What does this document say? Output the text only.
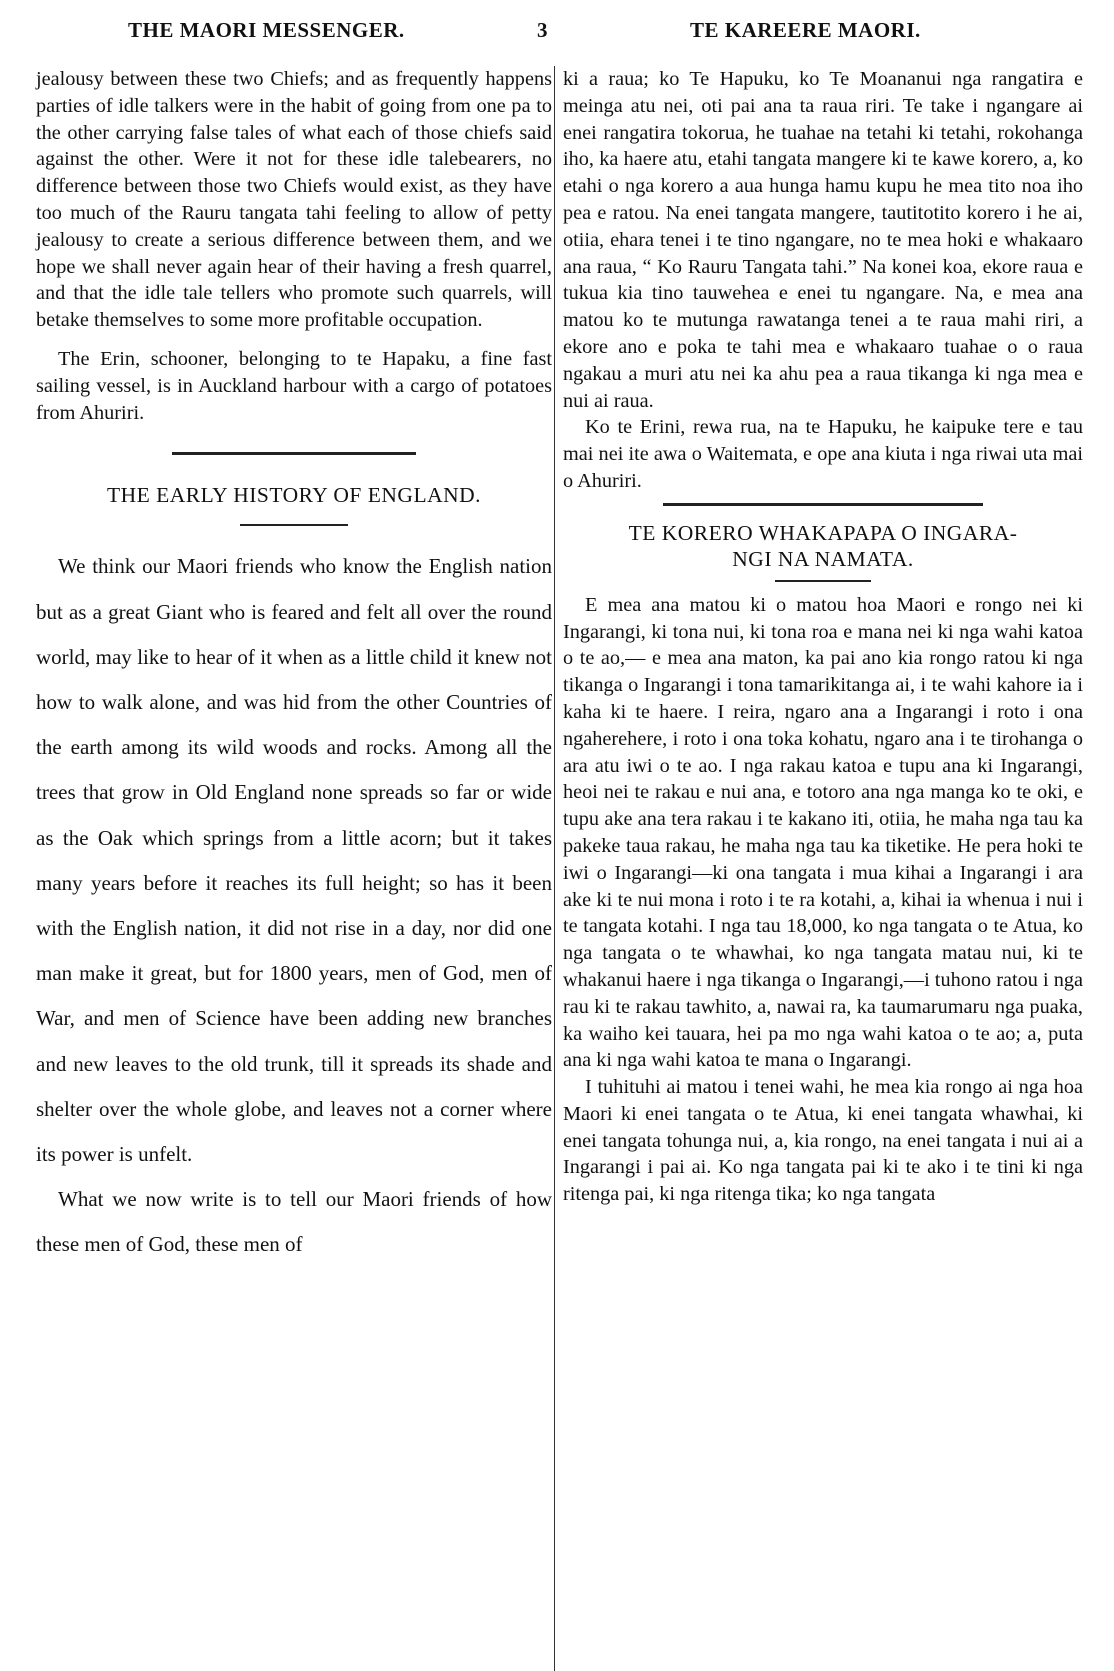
THE MAORI MESSENGER.	3	TE KAREERE MAORI.

jealousy between these two Chiefs; and as frequently happens parties of idle talkers were in the habit of going from one pa to the other carrying false tales of what each of those chiefs said against the other. Were it not for these idle talebearers, no difference between those two Chiefs would exist, as they have too much of the Rauru tangata tahi feeling to allow of petty jealousy to create a serious difference between them, and we hope we shall never again hear of their having a fresh quarrel, and that the idle tale tellers who promote such quarrels, will betake themselves to some more profitable occupation.

The Erin, schooner, belonging to te Hapaku, a fine fast sailing vessel, is in Auckland harbour with a cargo of potatoes from Ahuriri.

THE EARLY HISTORY OF ENGLAND.

We think our Maori friends who know the English nation but as a great Giant who is feared and felt all over the round world, may like to hear of it when as a little child it knew not how to walk alone, and was hid from the other Countries of the earth among its wild woods and rocks. Among all the trees that grow in Old England none spreads so far or wide as the Oak which springs from a little acorn; but it takes many years before it reaches its full height; so has it been with the English nation, it did not rise in a day, nor did one man make it great, but for 1800 years, men of God, men of War, and men of Science have been adding new branches and new leaves to the old trunk, till it spreads its shade and shelter over the whole globe, and leaves not a corner where its power is unfelt.

What we now write is to tell our Maori friends of how these men of God, these men of

ki a raua; ko Te Hapuku, ko Te Moananui nga rangatira e meinga atu nei, oti pai ana ta raua riri. Te take i ngangare ai enei rangatira tokorua, he tuahae na tetahi ki tetahi, rokohanga iho, ka haere atu, etahi tangata mangere ki te kawe korero, a, ko etahi o nga korero a aua hunga hamu kupu he mea tito noa iho pea e ratou. Na enei tangata mangere, tautitotito korero i he ai, otiia, ehara tenei i te tino ngangare, no te mea hoki e whakaaro ana raua, “ Ko Rauru Tangata tahi.” Na konei koa, ekore raua e tukua kia tino tauwehea e enei tu ngangare. Na, e mea ana matou ko te mutunga rawatanga tenei a te raua mahi riri, a ekore ano e poka te tahi mea e whakaaro tuahae o o raua ngakau a muri atu nei ka ahu pea a raua tikanga ki nga mea e nui ai raua.

Ko te Erini, rewa rua, na te Hapuku, he kaipuke tere e tau mai nei ite awa o Waitemata, e ope ana kiuta i nga riwai uta mai o Ahuriri.

TE KORERO WHAKAPAPA O INGARA-
NGI NA NAMATA.

E mea ana matou ki o matou hoa Maori e rongo nei ki Ingarangi, ki tona nui, ki tona roa e mana nei ki nga wahi katoa o te ao,— e mea ana maton, ka pai ano kia rongo ratou ki nga tikanga o Ingarangi i tona tamarikitanga ai, i te wahi kahore ia i kaha ki te haere. I reira, ngaro ana a Ingarangi i roto i ona ngaherehere, i roto i ona toka kohatu, ngaro ana i te tirohanga o ara atu iwi o te ao. I nga rakau katoa e tupu ana ki Ingarangi, heoi nei te rakau e nui ana, e totoro ana nga manga ko te oki, e tupu ake ana tera rakau i te kakano iti, otiia, he maha nga tau ka pakeke taua rakau, he maha nga tau ka tiketike. He pera hoki te iwi o Ingarangi—ki ona tangata i mua kihai a Ingarangi i ara ake ki te nui mona i roto i te ra kotahi, a, kihai ia whenua i nui i te tangata kotahi. I nga tau 18,000, ko nga tangata o te Atua, ko nga tangata o te whawhai, ko nga tangata matau nui, ki te whakanui haere i nga tikanga o Ingarangi,—i tuhono ratou i nga rau ki te rakau tawhito, a, nawai ra, ka taumarumaru nga puaka, ka waiho kei tauara, hei pa mo nga wahi katoa o te ao; a, puta ana ki nga wahi katoa te mana o Ingarangi.

I tuhituhi ai matou i tenei wahi, he mea kia rongo ai nga hoa Maori ki enei tangata o te Atua, ki enei tangata whawhai, ki enei tangata tohunga nui, a, kia rongo, na enei tangata i nui ai a Ingarangi i pai ai. Ko nga tangata pai ki te ako i te tini ki nga ritenga pai, ki nga ritenga tika; ko nga tangata
